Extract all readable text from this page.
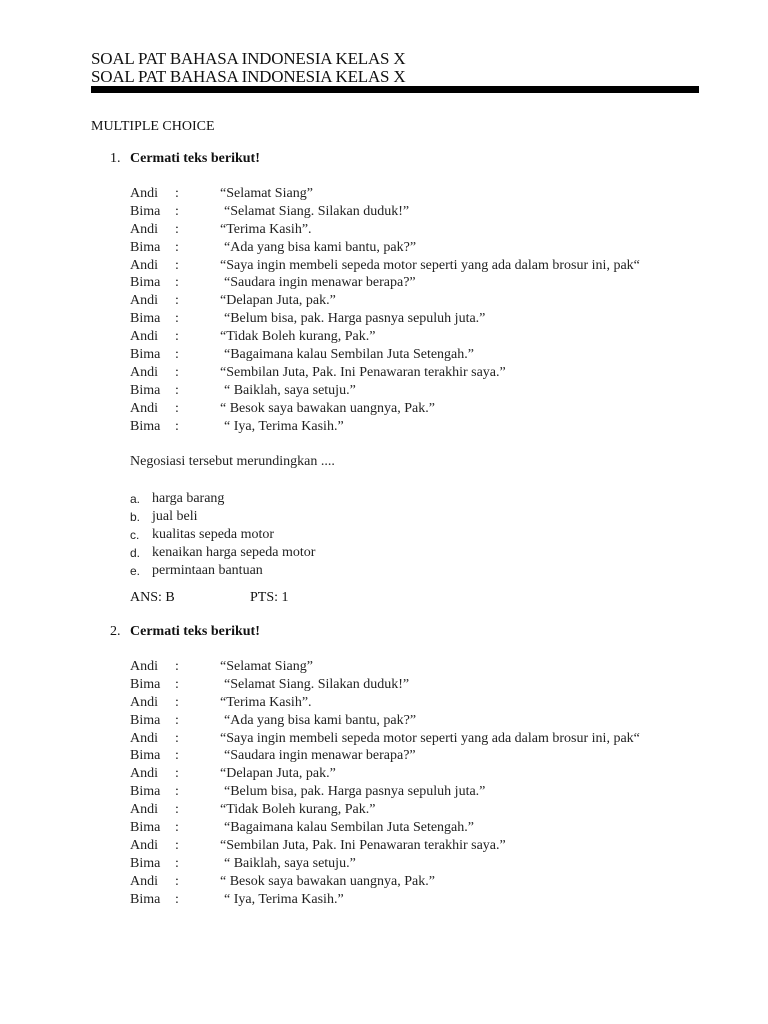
SOAL PAT BAHASA INDONESIA KELAS X
SOAL PAT BAHASA INDONESIA KELAS X
MULTIPLE CHOICE
1. Cermati teks berikut!
Andi :	“Selamat Siang”
Bima :	“Selamat Siang. Silakan duduk!”
Andi :	“Terima Kasih”.
Bima :	“Ada yang bisa kami bantu, pak?”
Andi :	“Saya ingin membeli sepeda motor seperti yang ada dalam brosur ini, pak“
Bima :	“Saudara ingin menawar berapa?”
Andi :	“Delapan Juta, pak.”
Bima :	“Belum bisa, pak. Harga pasnya sepuluh juta.”
Andi :	“Tidak Boleh kurang, Pak.”
Bima :	“Bagaimana kalau Sembilan Juta Setengah.”
Andi :	“Sembilan Juta, Pak. Ini Penawaran terakhir saya.”
Bima :	“ Baiklah, saya setuju.”
Andi :	“ Besok saya bawakan uangnya, Pak.”
Bima :	“ Iya, Terima Kasih.”
Negosiasi tersebut merundingkan ....
a. harga barang
b. jual beli
c. kualitas sepeda motor
d. kenaikan harga sepeda motor
e. permintaan bantuan
ANS: B	PTS: 1
2. Cermati teks berikut!
Andi :	“Selamat Siang”
Bima :	“Selamat Siang. Silakan duduk!”
Andi :	“Terima Kasih”.
Bima :	“Ada yang bisa kami bantu, pak?”
Andi :	“Saya ingin membeli sepeda motor seperti yang ada dalam brosur ini, pak“
Bima :	“Saudara ingin menawar berapa?”
Andi :	“Delapan Juta, pak.”
Bima :	“Belum bisa, pak. Harga pasnya sepuluh juta.”
Andi :	“Tidak Boleh kurang, Pak.”
Bima :	“Bagaimana kalau Sembilan Juta Setengah.”
Andi :	“Sembilan Juta, Pak. Ini Penawaran terakhir saya.”
Bima :	“ Baiklah, saya setuju.”
Andi :	“ Besok saya bawakan uangnya, Pak.”
Bima :	“ Iya, Terima Kasih.”
